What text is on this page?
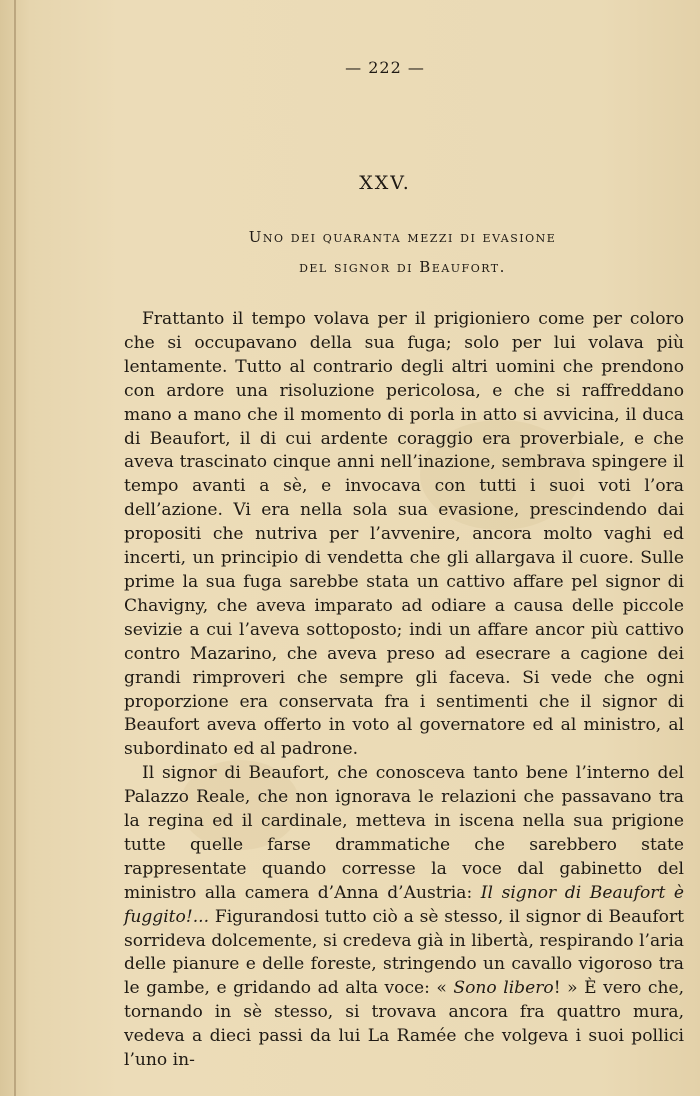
— 222 —
XXV.
Uno dei quaranta mezzi di evasione
del signor di Beaufort.

Frattanto il tempo volava per il prigioniero come per coloro che si occupavano della sua fuga; solo per lui volava più lentamente. Tutto al contrario degli altri uomini che prendono con ardore una risoluzione pericolosa, e che si raffreddano mano a mano che il momento di porla in atto si avvicina, il duca di Beaufort, il di cui ardente coraggio era proverbiale, e che aveva trascinato cinque anni nell’inazione, sembrava spingere il tempo avanti a sè, e invocava con tutti i suoi voti l’ora dell’azione. Vi era nella sola sua evasione, prescindendo dai propositi che nutriva per l’avvenire, ancora molto vaghi ed incerti, un principio di vendetta che gli allargava il cuore. Sulle prime la sua fuga sarebbe stata un cattivo affare pel signor di Chavigny, che aveva imparato ad odiare a causa delle piccole sevizie a cui l’aveva sottoposto; indi un affare ancor più cattivo contro Mazarino, che aveva preso ad esecrare a cagione dei grandi rimproveri che sempre gli faceva. Si vede che ogni proporzione era conservata fra i sentimenti che il signor di Beaufort aveva offerto in voto al governatore ed al ministro, al subordinato ed al padrone.

Il signor di Beaufort, che conosceva tanto bene l’interno del Palazzo Reale, che non ignorava le relazioni che passavano tra la regina ed il cardinale, metteva in iscena nella sua prigione tutte quelle farse drammatiche che sarebbero state rappresentate quando corresse la voce dal gabinetto del ministro alla camera d’Anna d’Austria: Il signor di Beaufort è fuggito!... Figurandosi tutto ciò a sè stesso, il signor di Beaufort sorrideva dolcemente, si credeva già in libertà, respirando l’aria delle pianure e delle foreste, stringendo un cavallo vigoroso tra le gambe, e gridando ad alta voce: « Sono libero! » È vero che, tornando in sè stesso, si trovava ancora fra quattro mura, vedeva a dieci passi da lui La Ramée che volgeva i suoi pollici l’uno in-
